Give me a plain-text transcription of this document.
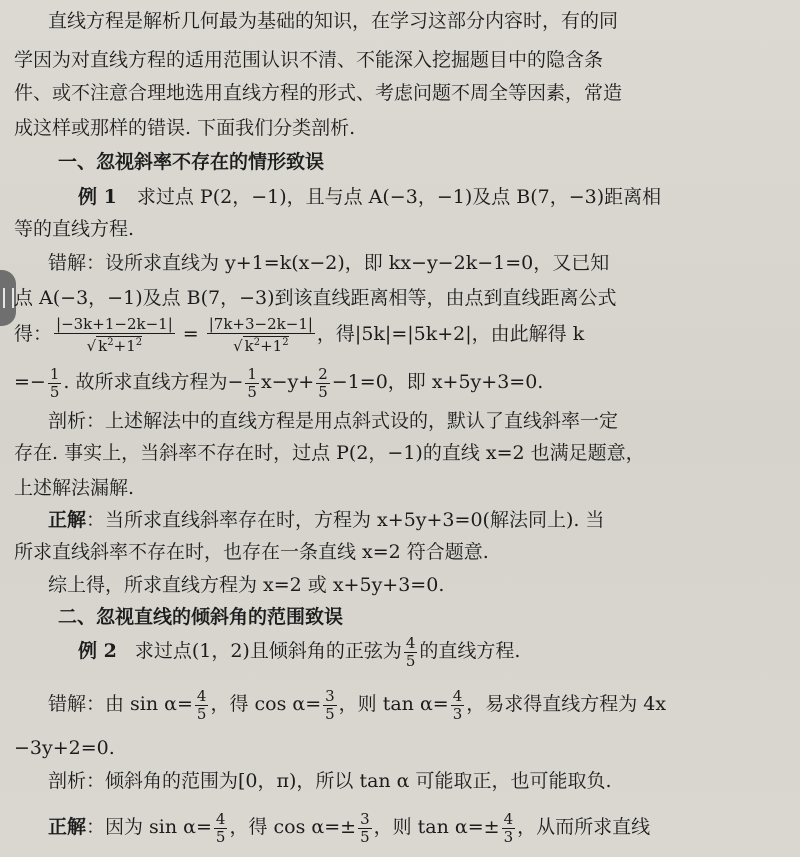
直线方程是解析几何最为基础的知识，在学习这部分内容时，有的同
学因为对直线方程的适用范围认识不清、不能深入挖掘题目中的隐含条
件、或不注意合理地选用直线方程的形式、考虑问题不周全等因素，常造
成这样或那样的错误. 下面我们分类剖析.
一、忽视斜率不存在的情形致误
例 1 求过点 P(2，−1)，且与点 A(−3，−1)及点 B(7，−3)距离相
等的直线方程.
错解：设所求直线为 y+1=k(x−2)，即 kx−y−2k−1=0，又已知
点 A(−3，−1)及点 B(7，−3)到该直线距离相等，由点到直线距离公式
得： $\frac{|-3k+1-2k-1|}{√ k^2+1^2} = \frac{|7k+3-2k-1|}{√ k^2+1^2}$ ，得|5k|=|5k+2|，由此解得 k
=− $\frac{1}{5}$ . 故所求直线方程为− $\frac{1}{5} x-y+ \frac{2}{5} -1=0$，即 x+5y+3=0.
剖析：上述解法中的直线方程是用点斜式设的，默认了直线斜率一定
存在. 事实上，当斜率不存在时，过点 P(2，−1)的直线 x=2 也满足题意，
上述解法漏解.
正解：当所求直线斜率存在时，方程为 x+5y+3=0(解法同上). 当
所求直线斜率不存在时，也存在一条直线 x=2 符合题意.
综上得，所求直线方程为 x=2 或 x+5y+3=0.
二、忽视直线的倾斜角的范围致误
例 2 求过点(1，2)且倾斜角的正弦为 $\frac{4}{5}$ 的直线方程.
错解：由 $\sin \alpha= \frac{4}{5}$ ，得 $\cos \alpha= \frac{3}{5}$ ，则 $\tan \alpha= \frac{4}{3}$ ，易求得直线方程为 4x
−3y+2=0.
剖析：倾斜角的范围为[0，π)，所以 tan α 可能取正，也可能取负.
正解：因为 $\sin \alpha= \frac{4}{5}$ ，得 $\cos \alpha=\pm \frac{3}{5}$ ，则 $\tan \alpha=\pm \frac{4}{3}$ ，从而所求直线
